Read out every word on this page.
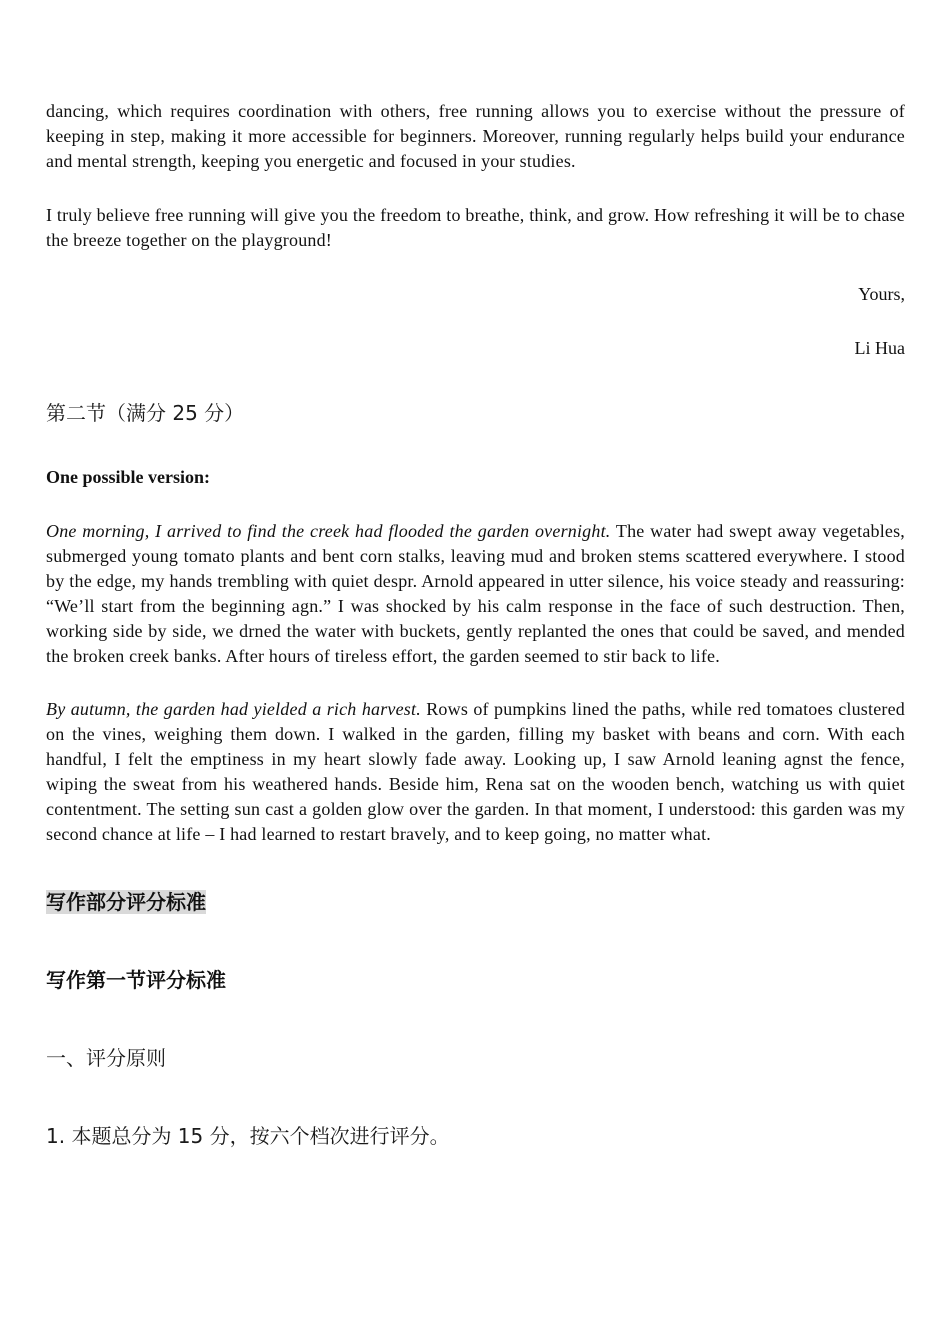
dancing, which requires coordination with others, free running allows you to exercise without the pressure of keeping in step, making it more accessible for beginners. Moreover, running regularly helps build your endurance and mental strength, keeping you energetic and focused in your studies.

I truly believe free running will give you the freedom to breathe, think, and grow. How refreshing it will be to chase the breeze together on the playground!

Yours,

Li Hua

第二节（满分 25 分）

One possible version:

One morning, I arrived to find the creek had flooded the garden overnight. The water had swept away vegetables, submerged young tomato plants and bent corn stalks, leaving mud and broken stems scattered everywhere. I stood by the edge, my hands trembling with quiet despr. Arnold appeared in utter silence, his voice steady and reassuring: “We’ll start from the beginning agn.” I was shocked by his calm response in the face of such destruction. Then, working side by side, we drned the water with buckets, gently replanted the ones that could be saved, and mended the broken creek banks. After hours of tireless effort, the garden seemed to stir back to life.

By autumn, the garden had yielded a rich harvest. Rows of pumpkins lined the paths, while red tomatoes clustered on the vines, weighing them down. I walked in the garden, filling my basket with beans and corn. With each handful, I felt the emptiness in my heart slowly fade away. Looking up, I saw Arnold leaning agnst the fence, wiping the sweat from his weathered hands. Beside him, Rena sat on the wooden bench, watching us with quiet contentment. The setting sun cast a golden glow over the garden. In that moment, I understood: this garden was my second chance at life – I had learned to restart bravely, and to keep going, no matter what.

写作部分评分标准

写作第一节评分标准

一、评分原则

1. 本题总分为 15 分，按六个档次进行评分。
